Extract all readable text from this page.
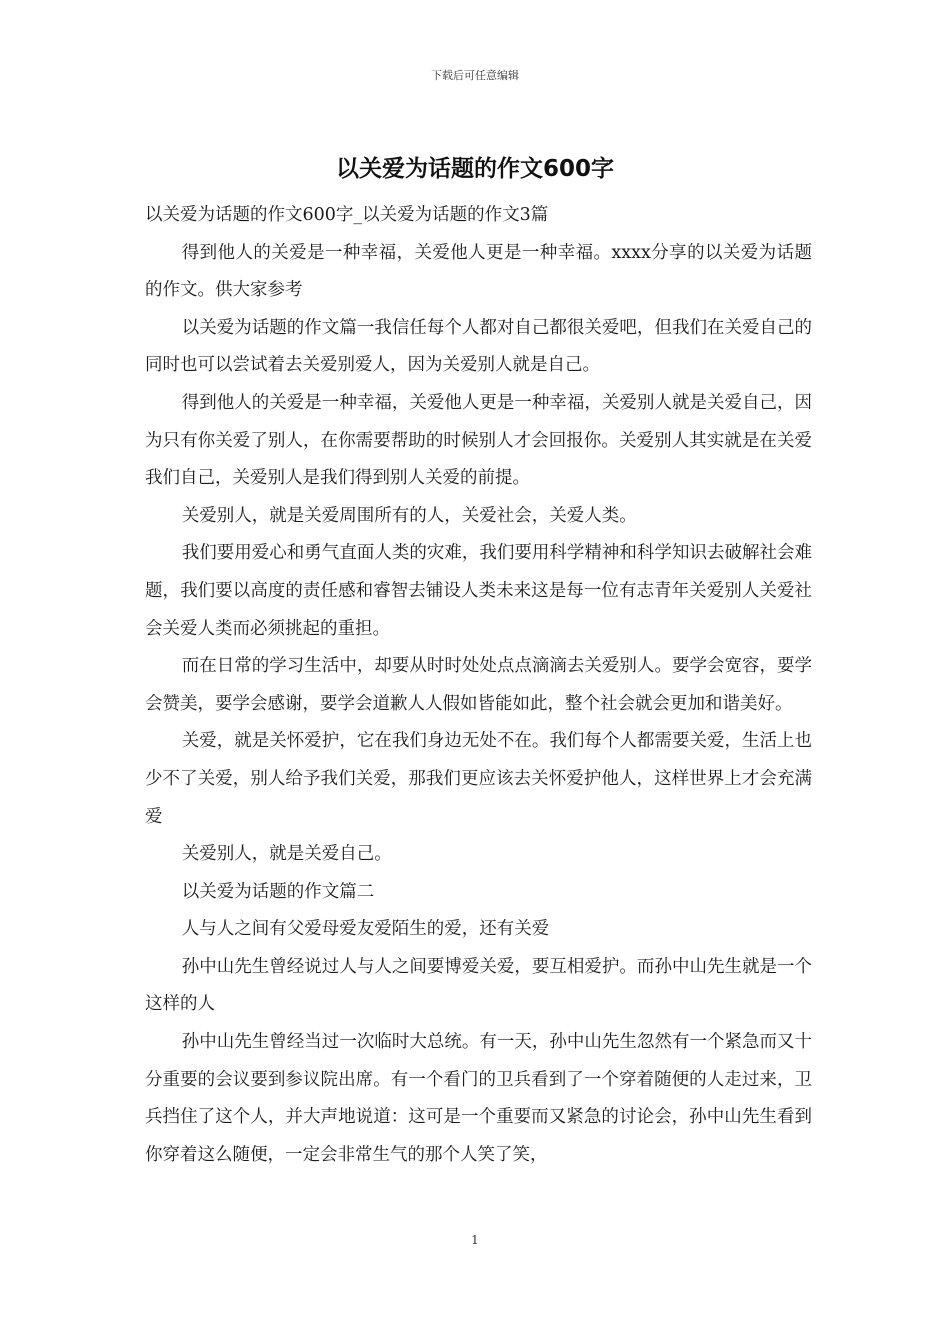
下载后可任意编辑
以关爱为话题的作文600字

以关爱为话题的作文600字_以关爱为话题的作文3篇

得到他人的关爱是一种幸福，关爱他人更是一种幸福。xxxx分享的以关爱为话题的作文。供大家参考

以关爱为话题的作文篇一我信任每个人都对自己都很关爱吧，但我们在关爱自己的同时也可以尝试着去关爱别爱人，因为关爱别人就是自己。

得到他人的关爱是一种幸福，关爱他人更是一种幸福，关爱别人就是关爱自己，因为只有你关爱了别人，在你需要帮助的时候别人才会回报你。关爱别人其实就是在关爱我们自己，关爱别人是我们得到别人关爱的前提。

关爱别人，就是关爱周围所有的人，关爱社会，关爱人类。

我们要用爱心和勇气直面人类的灾难，我们要用科学精神和科学知识去破解社会难题，我们要以高度的责任感和睿智去铺设人类未来这是每一位有志青年关爱别人关爱社会关爱人类而必须挑起的重担。

而在日常的学习生活中，却要从时时处处点点滴滴去关爱别人。要学会宽容，要学会赞美，要学会感谢，要学会道歉人人假如皆能如此，整个社会就会更加和谐美好。

关爱，就是关怀爱护，它在我们身边无处不在。我们每个人都需要关爱，生活上也少不了关爱，别人给予我们关爱，那我们更应该去关怀爱护他人，这样世界上才会充满爱

关爱别人，就是关爱自己。

以关爱为话题的作文篇二

人与人之间有父爱母爱友爱陌生的爱，还有关爱

孙中山先生曾经说过人与人之间要博爱关爱，要互相爱护。而孙中山先生就是一个这样的人

孙中山先生曾经当过一次临时大总统。有一天，孙中山先生忽然有一个紧急而又十分重要的会议要到参议院出席。有一个看门的卫兵看到了一个穿着随便的人走过来，卫兵挡住了这个人，并大声地说道：这可是一个重要而又紧急的讨论会，孙中山先生看到你穿着这么随便，一定会非常生气的那个人笑了笑，

1
